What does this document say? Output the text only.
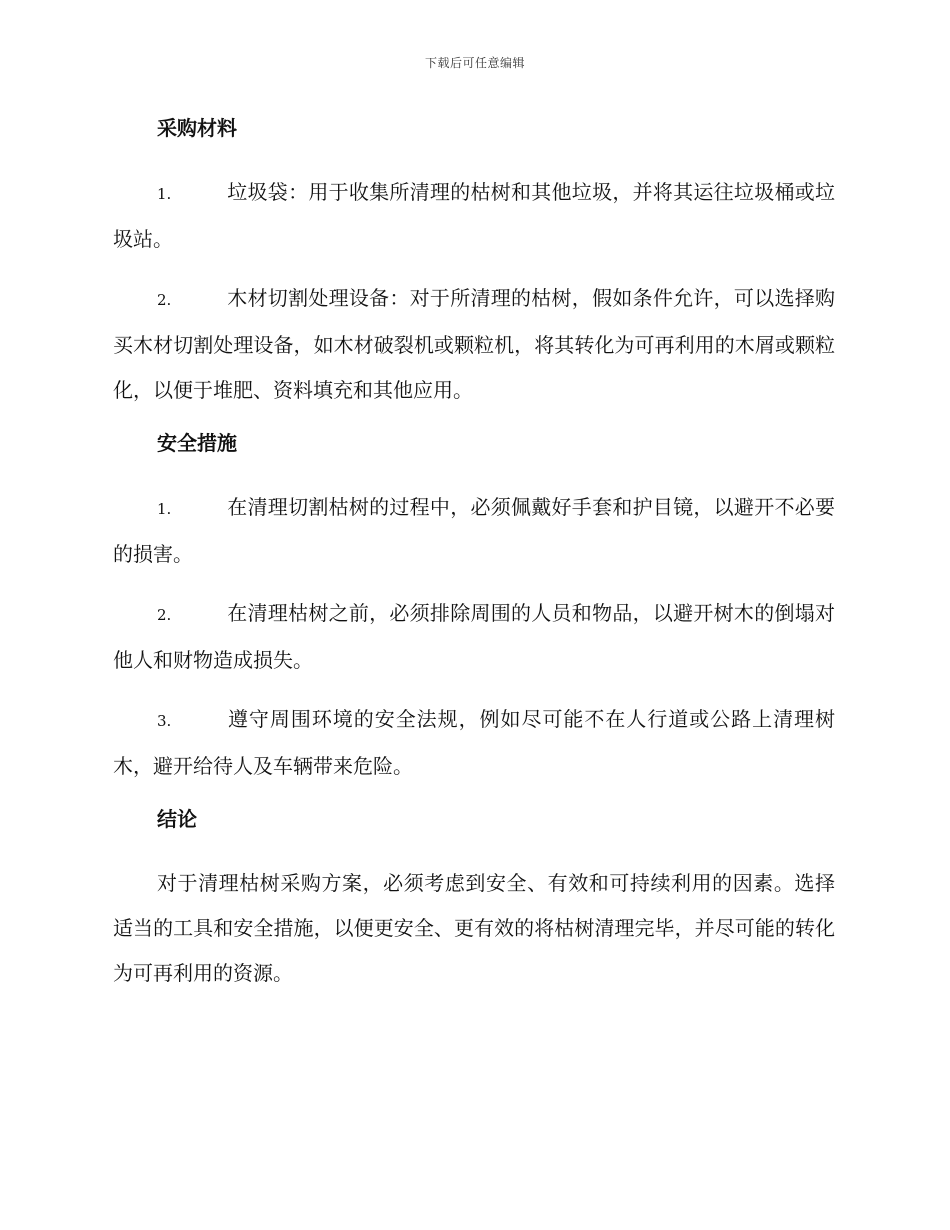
下载后可任意编辑
采购材料

1.	垃圾袋：用于收集所清理的枯树和其他垃圾，并将其运往垃圾桶或垃圾站。

2.	木材切割处理设备：对于所清理的枯树，假如条件允许，可以选择购买木材切割处理设备，如木材破裂机或颗粒机，将其转化为可再利用的木屑或颗粒化，以便于堆肥、资料填充和其他应用。

安全措施

1.	在清理切割枯树的过程中，必须佩戴好手套和护目镜，以避开不必要的损害。

2.	在清理枯树之前，必须排除周围的人员和物品，以避开树木的倒塌对他人和财物造成损失。

3.	遵守周围环境的安全法规，例如尽可能不在人行道或公路上清理树木，避开给待人及车辆带来危险。

结论

对于清理枯树采购方案，必须考虑到安全、有效和可持续利用的因素。选择适当的工具和安全措施，以便更安全、更有效的将枯树清理完毕，并尽可能的转化为可再利用的资源。
